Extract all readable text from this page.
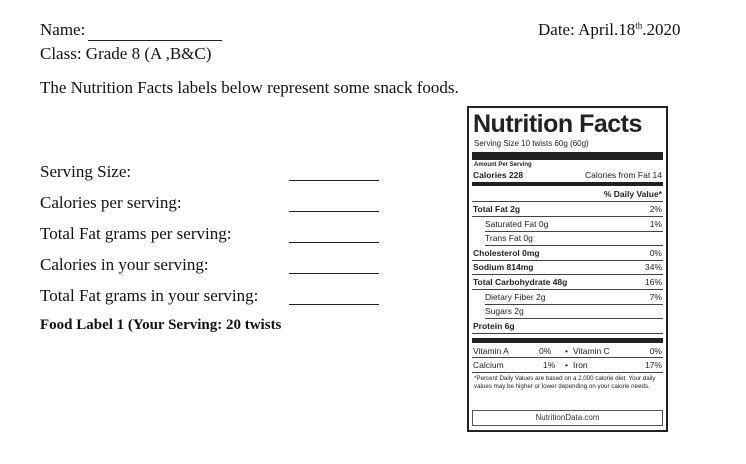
Name:
Class: Grade 8 (A ,B&C)
Date: April.18th.2020
The Nutrition Facts labels below represent some snack foods.
Serving Size:
Calories per serving:
Total Fat grams per serving:
Calories in your serving:
Total Fat grams in your serving:
Food Label 1 (Your Serving: 20 twists
Nutrition Facts
Serving Size 10 twists 60g (60g)
Amount Per Serving
Calories 228	Calories from Fat 14
% Daily Value*
Total Fat 2g	2%
Saturated Fat 0g	1%
Trans Fat 0g
Cholesterol 0mg	0%
Sodium 814mg	34%
Total Carbohydrate 48g	16%
Dietary Fiber 2g	7%
Sugars 2g
Protein 6g
Vitamin A	0% • Vitamin C	0%
Calcium	1% • Iron	17%
*Percent Daily Values are based on a 2,000 calorie diet. Your daily values may be higher or lower depending on your calorie needs.
NutritionData.com
